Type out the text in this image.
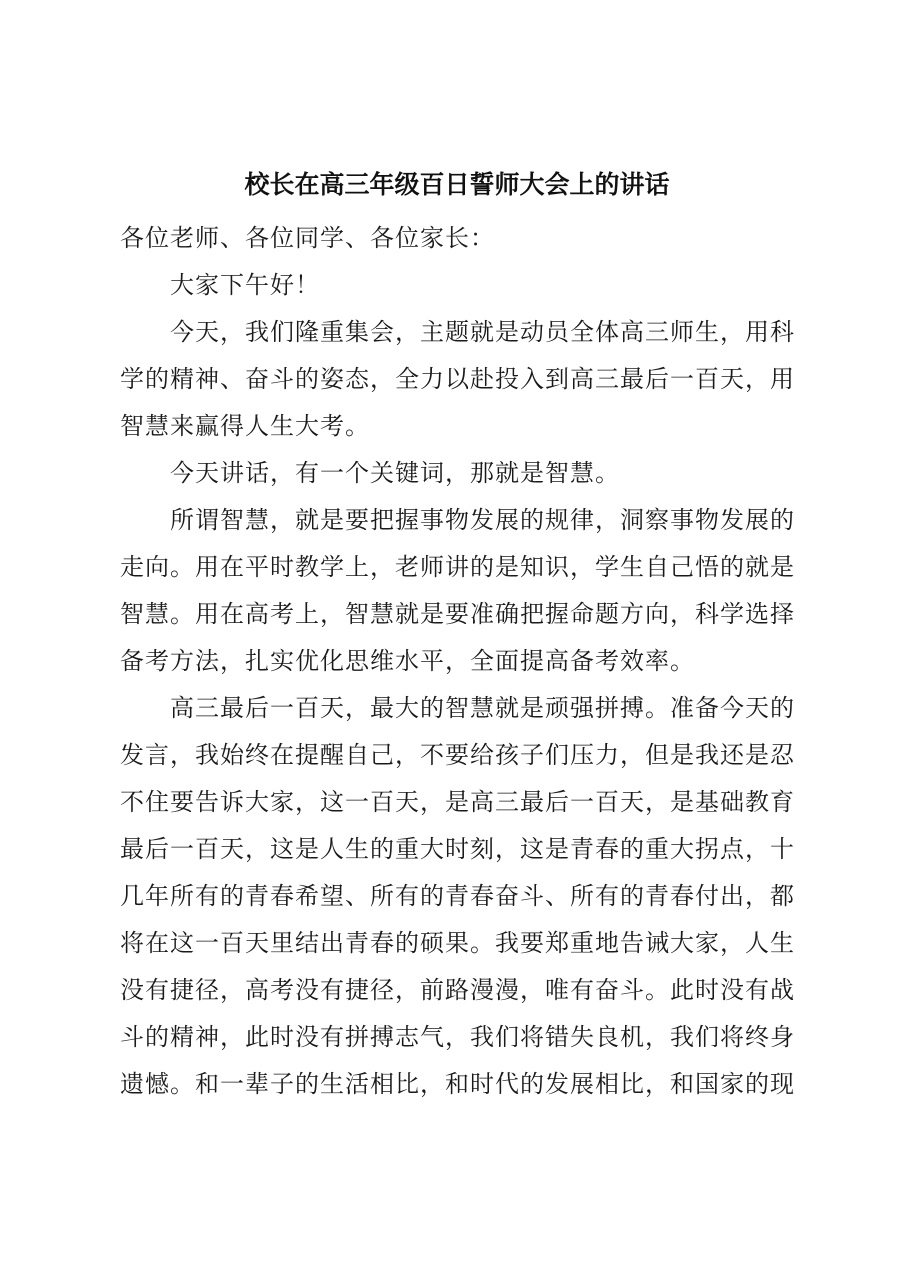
校长在高三年级百日誓师大会上的讲话
各位老师、各位同学、各位家长：
大家下午好！
今天，我们隆重集会，主题就是动员全体高三师生，用科
学的精神、奋斗的姿态，全力以赴投入到高三最后一百天，用
智慧来赢得人生大考。
今天讲话，有一个关键词，那就是智慧。
所谓智慧，就是要把握事物发展的规律，洞察事物发展的
走向。用在平时教学上，老师讲的是知识，学生自己悟的就是
智慧。用在高考上，智慧就是要准确把握命题方向，科学选择
备考方法，扎实优化思维水平，全面提高备考效率。
高三最后一百天，最大的智慧就是顽强拼搏。准备今天的
发言，我始终在提醒自己，不要给孩子们压力，但是我还是忍
不住要告诉大家，这一百天，是高三最后一百天，是基础教育
最后一百天，这是人生的重大时刻，这是青春的重大拐点，十
几年所有的青春希望、所有的青春奋斗、所有的青春付出，都
将在这一百天里结出青春的硕果。我要郑重地告诫大家，人生
没有捷径，高考没有捷径，前路漫漫，唯有奋斗。此时没有战
斗的精神，此时没有拼搏志气，我们将错失良机，我们将终身
遗憾。和一辈子的生活相比，和时代的发展相比，和国家的现
